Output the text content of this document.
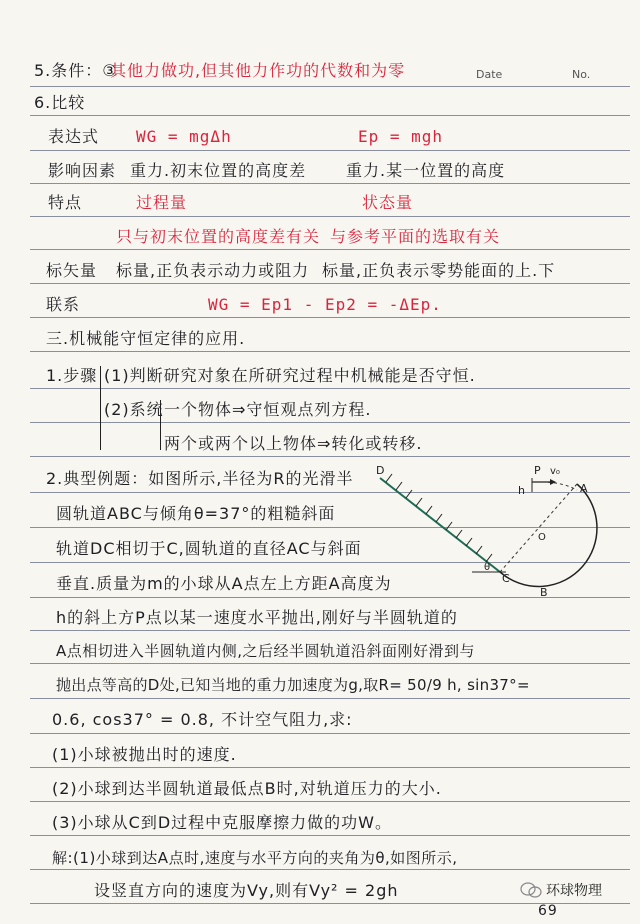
5.条件：③
其他力做功,但其他力作功的代数和为零	Date	No.
6.比较
表达式 WG = mgΔh	Ep = mgh
影响因素 重力.初末位置的高度差 重力.某一位置的高度
特点	过程量	状态量
只与初末位置的高度差有关 与参考平面的选取有关
标矢量 标量,正负表示动力或阻力 标量,正负表示零势能面的上.下
联系	WG = Ep1 - Ep2 = -ΔEp.
三.机械能守恒定律的应用.
1.步骤 (1)判断研究对象在所研究过程中机械能是否守恒.
(2)系统 一个物体⇒守恒观点列方程.
两个或两个以上物体⇒转化或转移.
2.典型例题：如图所示,半径为R的光滑半
圆轨道ABC与倾角θ=37°的粗糙斜面
轨道DC相切于C,圆轨道的直径AC与斜面
垂直.质量为m的小球从A点左上方距A高度为
h的斜上方P点以某一速度水平抛出,刚好与半圆轨道的
A点相切进入半圆轨道内侧,之后经半圆轨道沿斜面刚好滑到与
抛出点等高的D处,已知当地的重力加速度为g,取R= 50/9 h, sin37°=
0.6, cos37° = 0.8, 不计空气阻力,求:
(1)小球被抛出时的速度.
(2)小球到达半圆轨道最低点B时,对轨道压力的大小.
(3)小球从C到D过程中克服摩擦力做的功W。
D	P v₀
h	A
O
θ
C
B
解:(1)小球到达A点时,速度与水平方向的夹角为θ,如图所示,
设竖直方向的速度为Vy,则有Vy² = 2gh	环球物理
69
